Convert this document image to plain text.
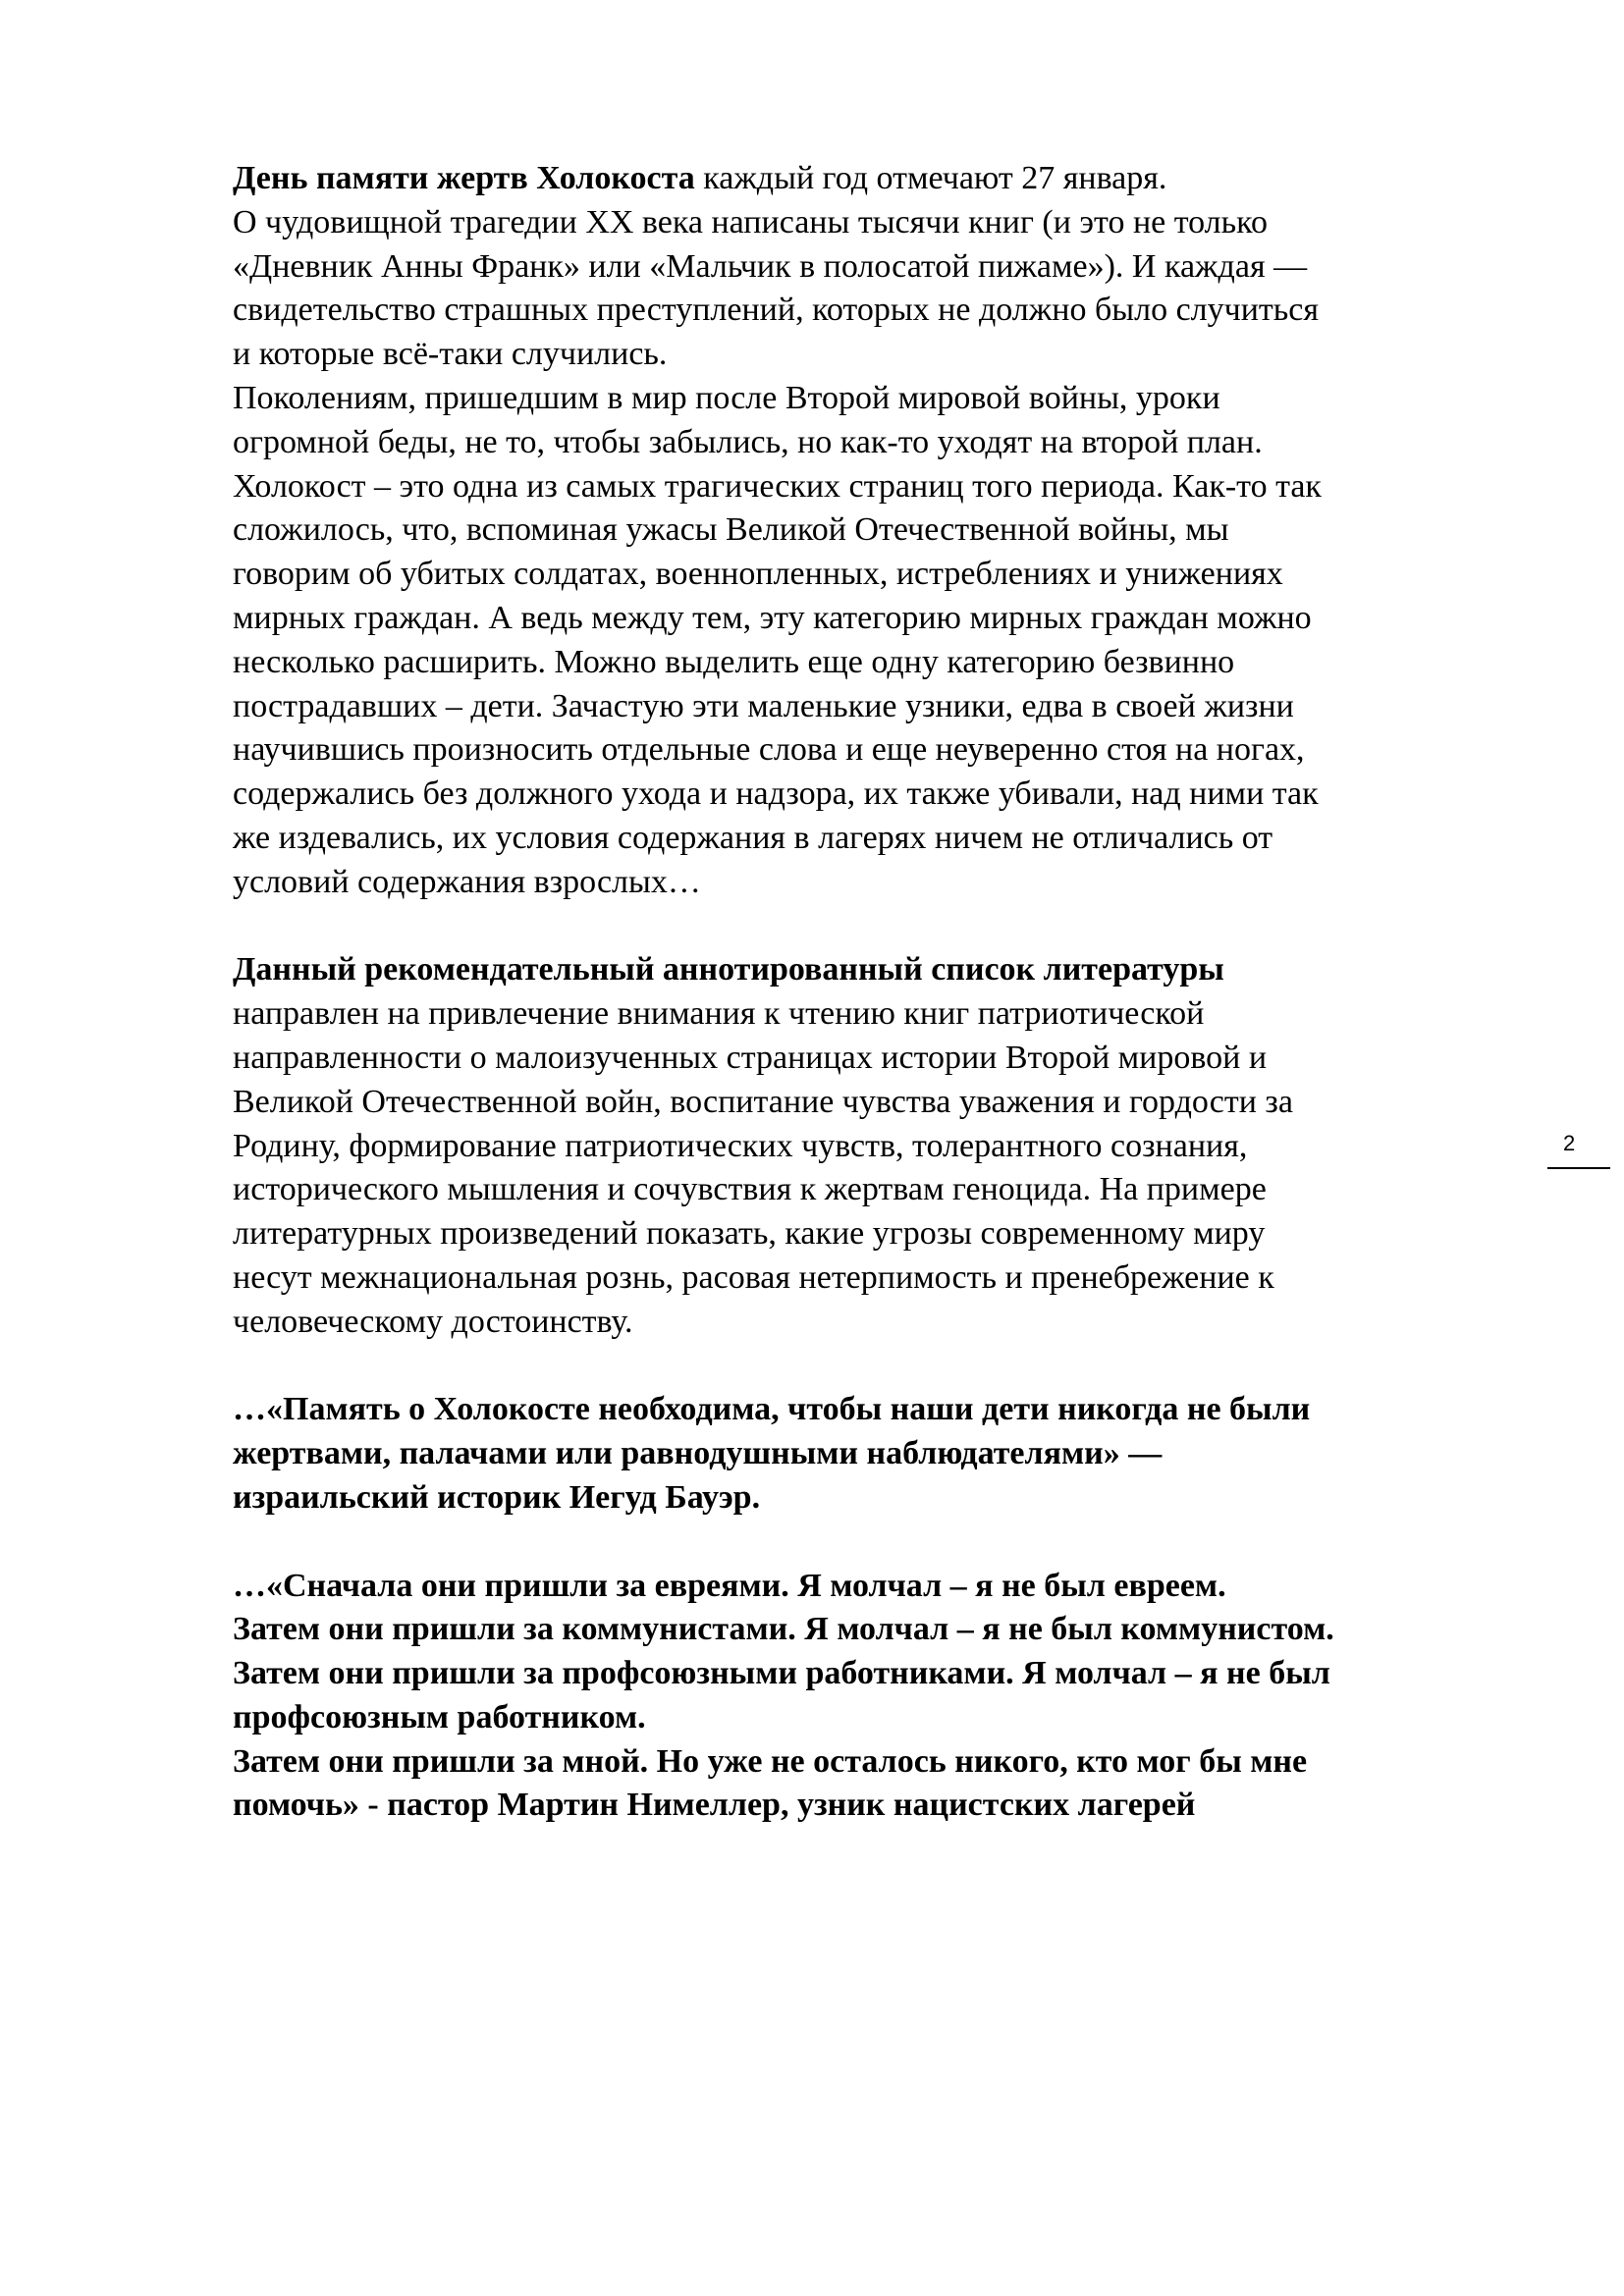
День памяти жертв Холокоста каждый год отмечают 27 января.
О чудовищной трагедии XX века написаны тысячи книг (и это не только
«Дневник Анны Франк» или «Мальчик в полосатой пижаме»). И каждая —
свидетельство страшных преступлений, которых не должно было случиться
и которые всё-таки случились.
Поколениям, пришедшим в мир после Второй мировой войны, уроки
огромной беды, не то, чтобы забылись, но как-то уходят на второй план.
Холокост – это одна из самых трагических страниц того периода. Как-то так
сложилось, что, вспоминая ужасы Великой Отечественной войны, мы
говорим об убитых солдатах, военнопленных, истреблениях и унижениях
мирных граждан. А ведь между тем, эту категорию мирных граждан можно
несколько расширить. Можно выделить еще одну категорию безвинно
пострадавших – дети. Зачастую эти маленькие узники, едва в своей жизни
научившись произносить отдельные слова и еще неуверенно стоя на ногах,
содержались без должного ухода и надзора, их также убивали, над ними так
же издевались, их условия содержания в лагерях ничем не отличались от
условий содержания взрослых…
Данный рекомендательный аннотированный список литературы
направлен на привлечение внимания к чтению книг патриотической
направленности о малоизученных страницах истории Второй мировой и
Великой Отечественной войн, воспитание чувства уважения и гордости за
Родину, формирование патриотических чувств, толерантного сознания,
исторического мышления и сочувствия к жертвам геноцида. На примере
литературных произведений показать, какие угрозы современному миру
несут межнациональная рознь, расовая нетерпимость и пренебрежение к
человеческому достоинству.
…«Память о Холокосте необходима, чтобы наши дети никогда не были
жертвами, палачами или равнодушными наблюдателями» —
израильский историк Иегуд Бауэр.
…«Сначала они пришли за евреями. Я молчал – я не был евреем.
Затем они пришли за коммунистами. Я молчал – я не был коммунистом.
Затем они пришли за профсоюзными работниками. Я молчал – я не был
профсоюзным работником.
Затем они пришли за мной. Но уже не осталось никого, кто мог бы мне
помочь» - пастор Мартин Нимеллер, узник нацистских лагерей
2
